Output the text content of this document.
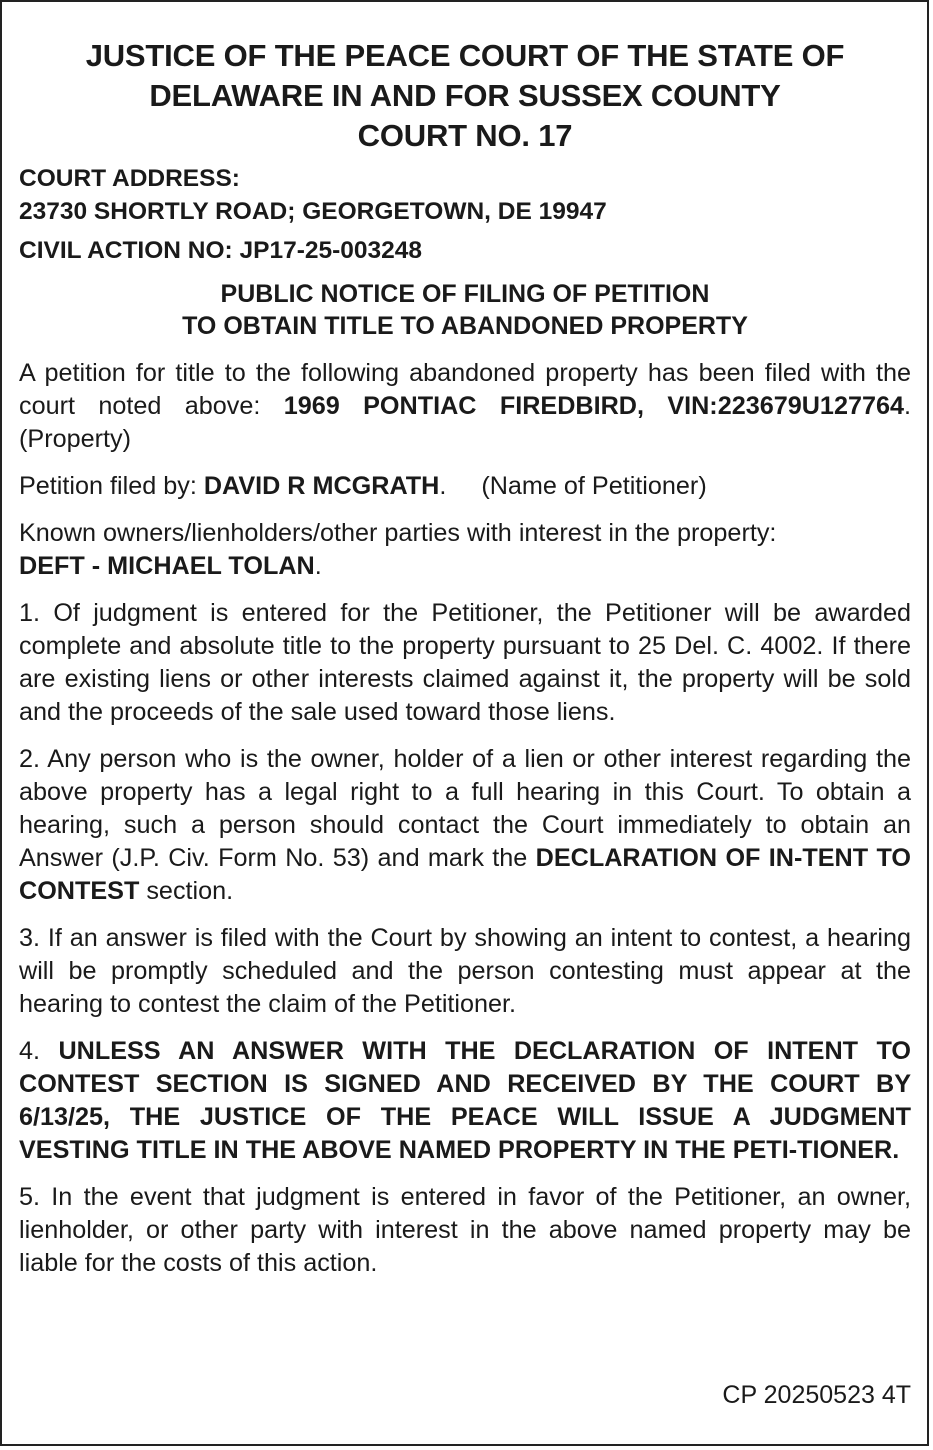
JUSTICE OF THE PEACE COURT OF THE STATE OF
DELAWARE IN AND FOR SUSSEX COUNTY
COURT NO. 17
COURT ADDRESS:
23730 SHORTLY ROAD; GEORGETOWN, DE 19947
CIVIL ACTION NO: JP17-25-003248
PUBLIC NOTICE OF FILING OF PETITION
TO OBTAIN TITLE TO ABANDONED PROPERTY

A petition for title to the following abandoned property has been filed with the court noted above: 1969 PONTIAC FIREDBIRD, VIN:223679U127764. (Property)

Petition filed by: DAVID R MCGRATH.     (Name of Petitioner)

Known owners/lienholders/other parties with interest in the property:
DEFT - MICHAEL TOLAN.

1. Of judgment is entered for the Petitioner, the Petitioner will be awarded complete and absolute title to the property pursuant to 25 Del. C. 4002. If there are existing liens or other interests claimed against it, the property will be sold and the proceeds of the sale used toward those liens.

2. Any person who is the owner, holder of a lien or other interest regarding the above property has a legal right to a full hearing in this Court. To obtain a hearing, such a person should contact the Court immediately to obtain an Answer (J.P. Civ. Form No. 53) and mark the DECLARATION OF IN-TENT TO CONTEST section.

3. If an answer is filed with the Court by showing an intent to contest, a hearing will be promptly scheduled and the person contesting must appear at the hearing to contest the claim of the Petitioner.

4. UNLESS AN ANSWER WITH THE DECLARATION OF INTENT TO CONTEST SECTION IS SIGNED AND RECEIVED BY THE COURT BY 6/13/25, THE JUSTICE OF THE PEACE WILL ISSUE A JUDGMENT VESTING TITLE IN THE ABOVE NAMED PROPERTY IN THE PETI-TIONER.

5. In the event that judgment is entered in favor of the Petitioner, an owner, lienholder, or other party with interest in the above named property may be liable for the costs of this action.

CP 20250523 4T
